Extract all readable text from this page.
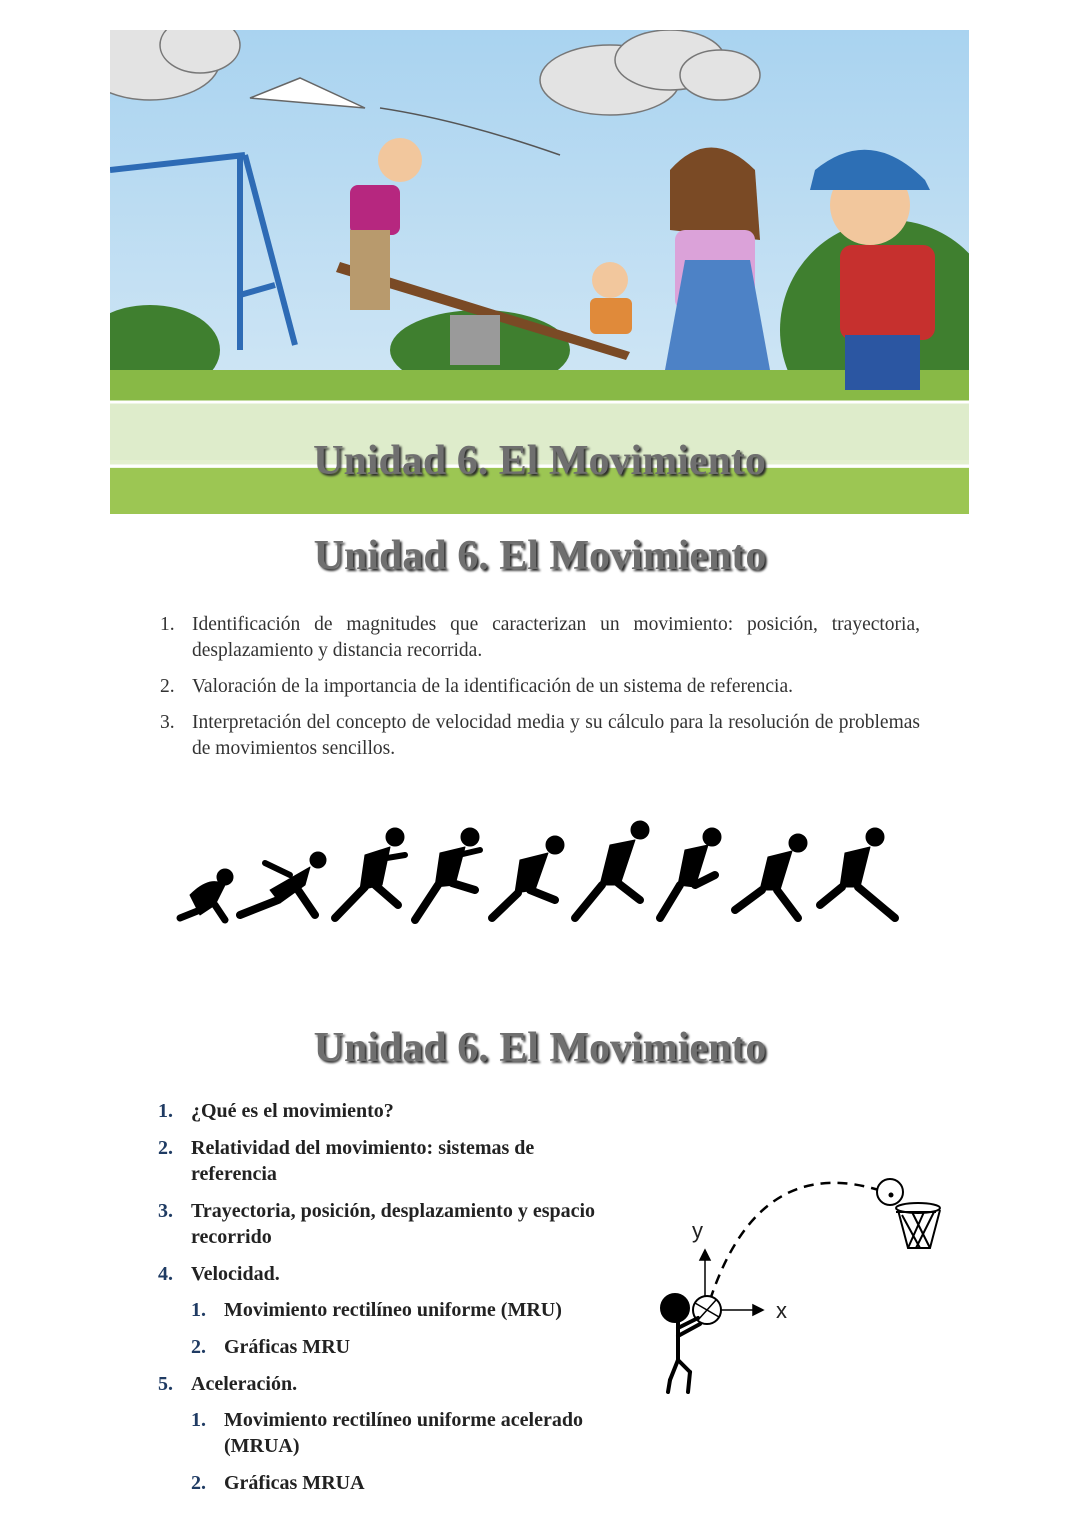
Unidad 6. El Movimiento
Unidad 6. El Movimiento
1. Identificación de magnitudes que caracterizan un movimiento: posición, trayectoria, desplazamiento y distancia recorrida.
2. Valoración de la importancia de la identificación de un sistema de referencia.
3. Interpretación del concepto de velocidad media y su cálculo para la resolución de problemas de movimientos sencillos.
Unidad 6. El Movimiento
1. ¿Qué es el movimiento?
2. Relatividad del movimiento: sistemas de referencia
3. Trayectoria, posición, desplazamiento y espacio recorrido
4. Velocidad.
1. Movimiento rectilíneo uniforme (MRU)
2. Gráficas MRU
5. Aceleración.
1. Movimiento rectilíneo uniforme acelerado (MRUA)
2. Gráficas MRUA
y
x
